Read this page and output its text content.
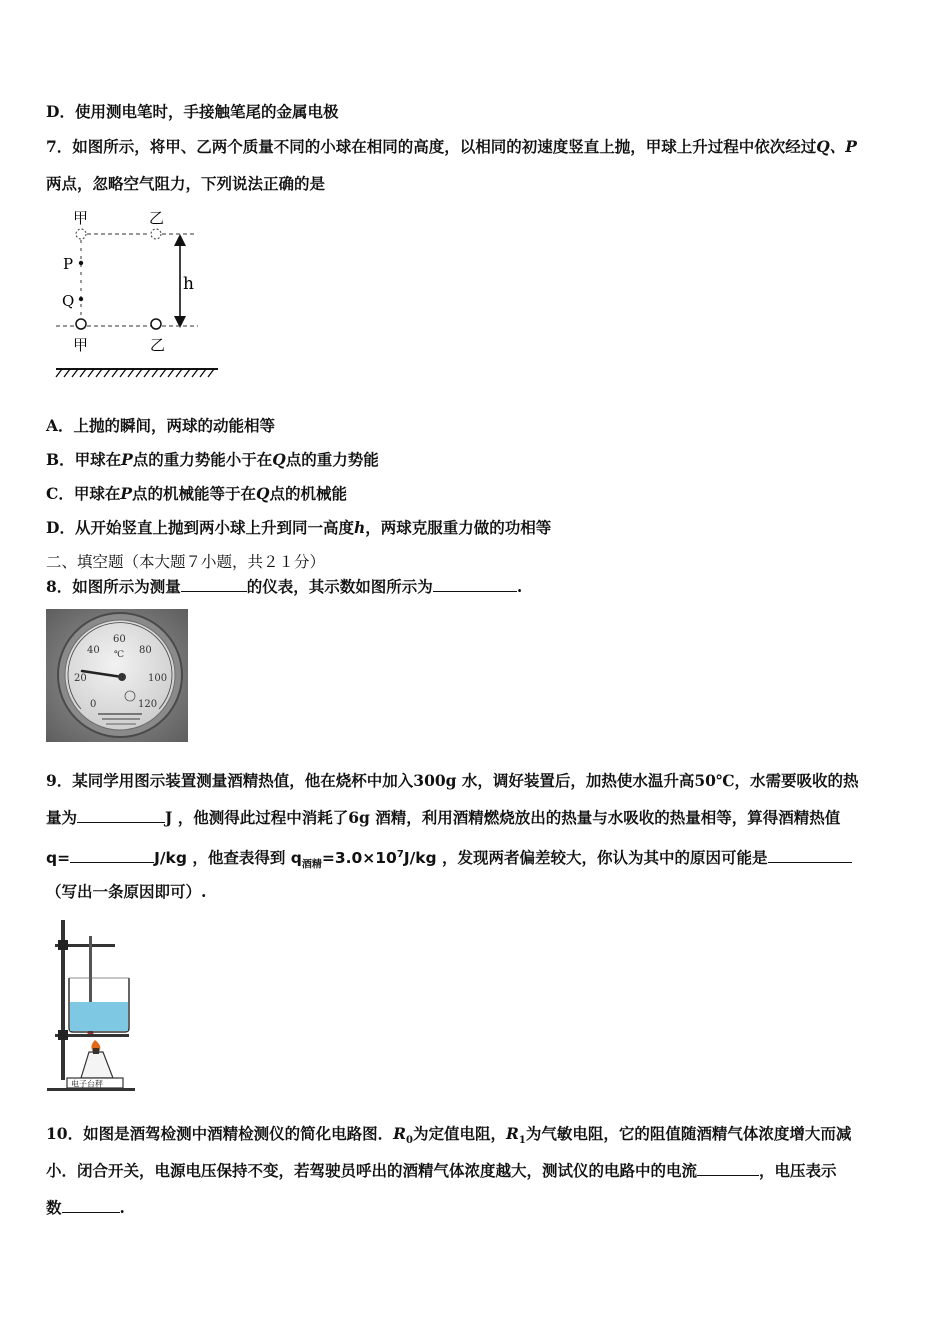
D．使用测电笔时，手接触笔尾的金属电极
7．如图所示，将甲、乙两个质量不同的小球在相同的高度，以相同的初速度竖直上抛，甲球上升过程中依次经过Q、P
两点，忽略空气阻力，下列说法正确的是
甲	乙
P
Q
h
甲	乙
A．上抛的瞬间，两球的动能相等
B．甲球在P点的重力势能小于在Q点的重力势能
C．甲球在P点的机械能等于在Q点的机械能
D．从开始竖直上抛到两小球上升到同一高度h，两球克服重力做的功相等
二、填空题（本大题７小题，共２１分）
8．如图所示为测量	的仪表，其示数如图所示为	.
0
20
40
60
80
100
120
℃
9．某同学用图示装置测量酒精热值，他在烧杯中加入300g 水，调好装置后，加热使水温升高50℃，水需要吸收的热
量为	J ，他测得此过程中消耗了6g 酒精，利用酒精燃烧放出的热量与水吸收的热量相等，算得酒精热值
q=	J/kg ，他查表得到 $q_{酒精}=3.0\times 10^7J/kg$ ，发现两者偏差较大，你认为其中的原因可能是
（写出一条原因即可）.
电子台秤
10．如图是酒驾检测中酒精检测仪的简化电路图．$R_0$为定值电阻，$R_1$为气敏电阻，它的阻值随酒精气体浓度增大而减
小．闭合开关，电源电压保持不变，若驾驶员呼出的酒精气体浓度越大，测试仪的电路中的电流	，电压表示
数	.
